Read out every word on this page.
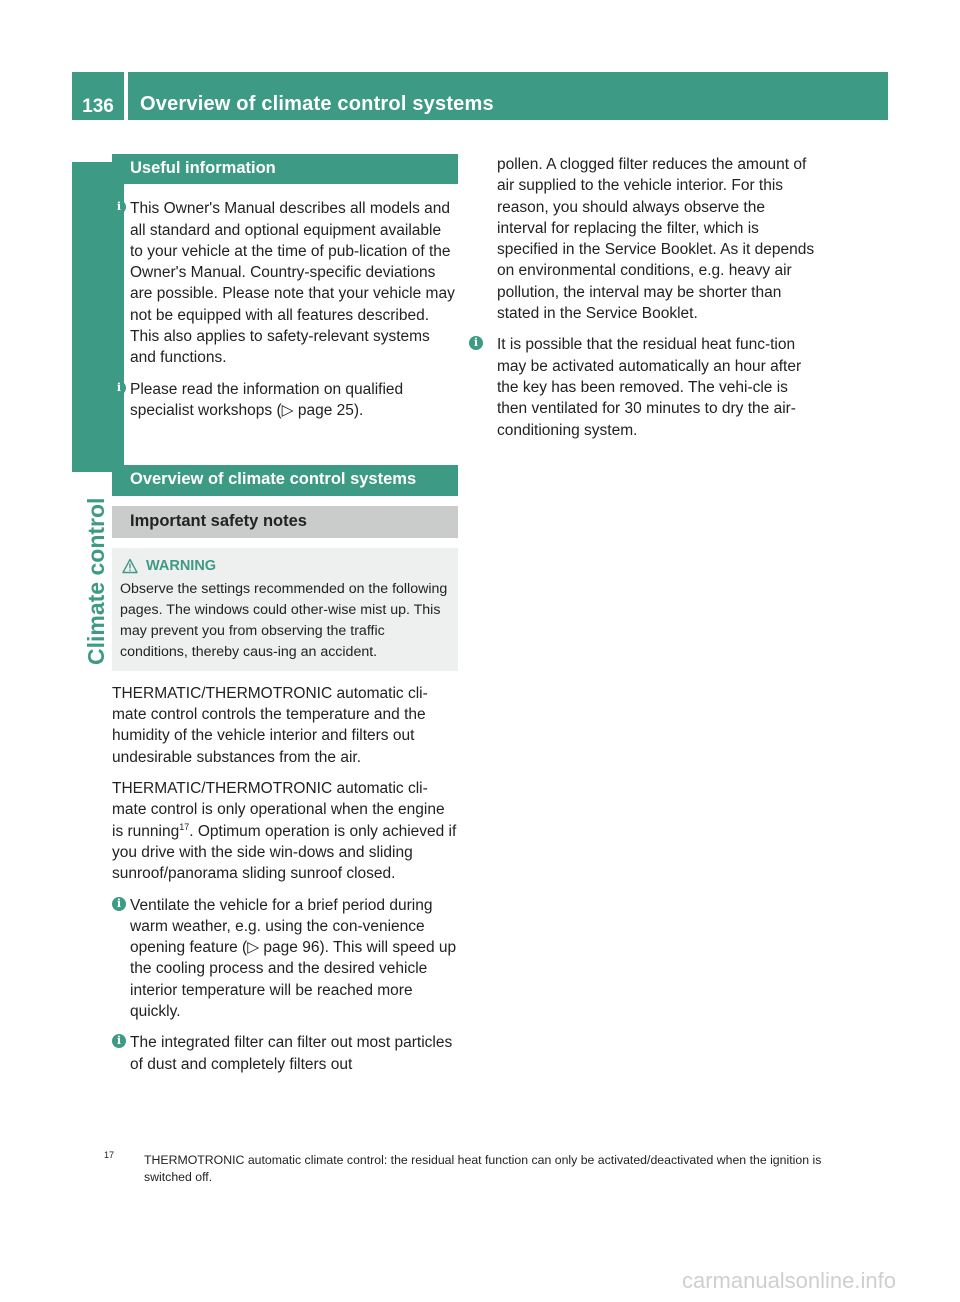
136	Overview of climate control systems
Climate control
Useful information
i This Owner's Manual describes all models and all standard and optional equipment available to your vehicle at the time of pub-lication of the Owner's Manual. Country-specific deviations are possible. Please note that your vehicle may not be equipped with all features described. This also applies to safety-relevant systems and functions.
i Please read the information on qualified specialist workshops (▷ page 25).
Overview of climate control systems
Important safety notes
WARNING
Observe the settings recommended on the following pages. The windows could other-wise mist up. This may prevent you from observing the traffic conditions, thereby caus-ing an accident.

THERMATIC/THERMOTRONIC automatic cli-mate control controls the temperature and the humidity of the vehicle interior and filters out undesirable substances from the air.

THERMATIC/THERMOTRONIC automatic cli-mate control is only operational when the engine is running$^{17}$. Optimum operation is only achieved if you drive with the side win-dows and sliding sunroof/panorama sliding sunroof closed.

i Ventilate the vehicle for a brief period during warm weather, e.g. using the con-venience opening feature (▷ page 96). This will speed up the cooling process and the desired vehicle interior temperature will be reached more quickly.
i The integrated filter can filter out most particles of dust and completely filters out
pollen. A clogged filter reduces the amount of air supplied to the vehicle interior. For this reason, you should always observe the interval for replacing the filter, which is specified in the Service Booklet. As it depends on environmental conditions, e.g. heavy air pollution, the interval may be shorter than stated in the Service Booklet.
i	It is possible that the residual heat func-tion may be activated automatically an hour after the key has been removed. The vehi-cle is then ventilated for 30 minutes to dry the air-conditioning system.
17	THERMOTRONIC automatic climate control: the residual heat function can only be activated/deactivated when the ignition is switched off.
carmanualsonline.info
